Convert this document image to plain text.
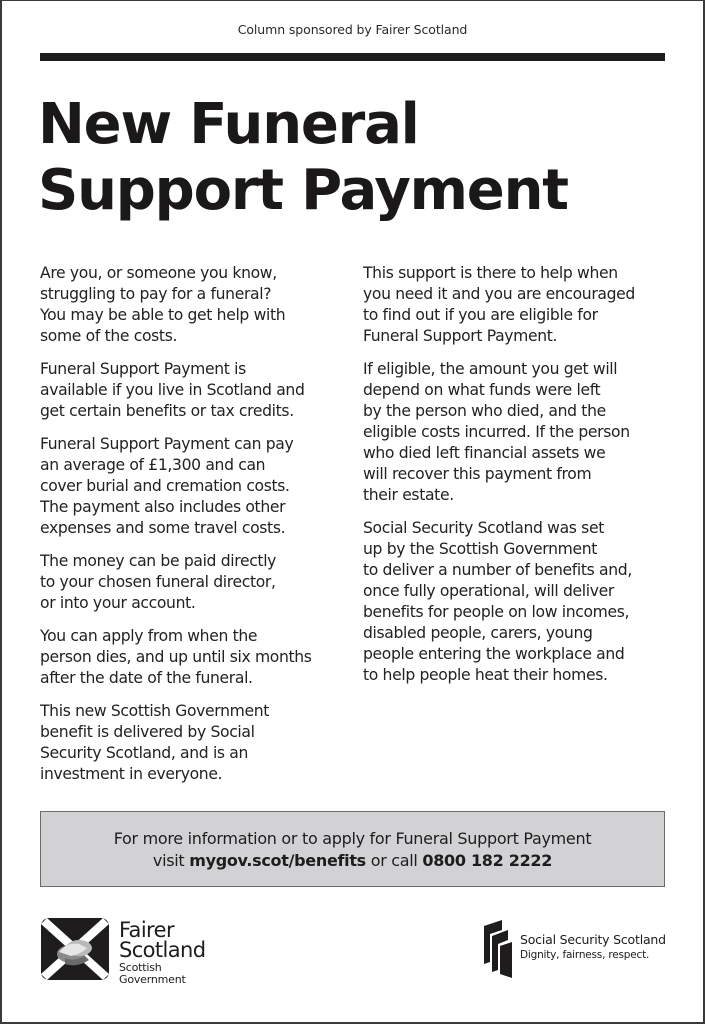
Column sponsored by Fairer Scotland
New Funeral
Support Payment

Are you, or someone you know,
struggling to pay for a funeral?
You may be able to get help with
some of the costs.

Funeral Support Payment is
available if you live in Scotland and
get certain benefits or tax credits.

Funeral Support Payment can pay
an average of £1,300 and can
cover burial and cremation costs.
The payment also includes other
expenses and some travel costs.

The money can be paid directly
to your chosen funeral director,
or into your account.

You can apply from when the
person dies, and up until six months
after the date of the funeral.

This new Scottish Government
benefit is delivered by Social
Security Scotland, and is an
investment in everyone.

This support is there to help when
you need it and you are encouraged
to find out if you are eligible for
Funeral Support Payment.

If eligible, the amount you get will
depend on what funds were left
by the person who died, and the
eligible costs incurred. If the person
who died left financial assets we
will recover this payment from
their estate.

Social Security Scotland was set
up by the Scottish Government
to deliver a number of benefits and,
once fully operational, will deliver
benefits for people on low incomes,
disabled people, carers, young
people entering the workplace and
to help people heat their homes.

For more information or to apply for Funeral Support Payment
visit mygov.scot/benefits or call 0800 182 2222
Fairer
Scotland
Scottish
Government
Social Security Scotland
Dignity, fairness, respect.
